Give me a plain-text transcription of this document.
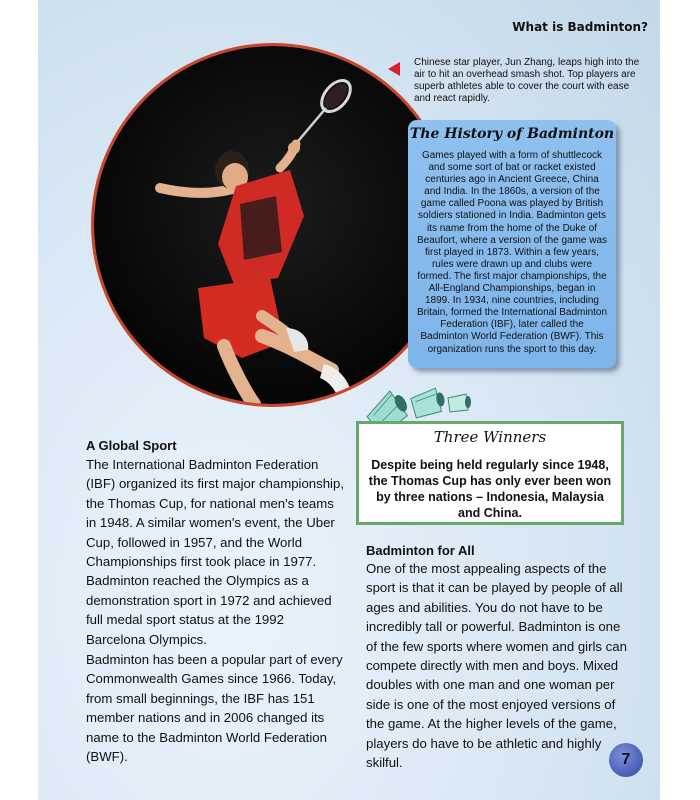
What is Badminton?
Chinese star player, Jun Zhang, leaps high into the air to hit an overhead smash shot. Top players are superb athletes able to cover the court with ease and react rapidly.
The History of Badminton
Games played with a form of shuttlecock and some sort of bat or racket existed centuries ago in Ancient Greece, China and India. In the 1860s, a version of the game called Poona was played by British soldiers stationed in India. Badminton gets its name from the home of the Duke of Beaufort, where a version of the game was first played in 1873. Within a few years, rules were drawn up and clubs were formed. The first major championships, the All-England Championships, began in 1899. In 1934, nine countries, including Britain, formed the International Badminton Federation (IBF), later called the Badminton World Federation (BWF). This organization runs the sport to this day.
Three Winners
Despite being held regularly since 1948, the Thomas Cup has only ever been won by three nations – Indonesia, Malaysia and China.
A Global Sport
The International Badminton Federation (IBF) organized its first major championship, the Thomas Cup, for national men's teams in 1948. A similar women's event, the Uber Cup, followed in 1957, and the World Championships first took place in 1977. Badminton reached the Olympics as a demonstration sport in 1972 and achieved full medal sport status at the 1992 Barcelona Olympics.
Badminton has been a popular part of every Commonwealth Games since 1966. Today, from small beginnings, the IBF has 151 member nations and in 2006 changed its name to the Badminton World Federation (BWF).
Badminton for All
One of the most appealing aspects of the sport is that it can be played by people of all ages and abilities. You do not have to be incredibly tall or powerful. Badminton is one of the few sports where women and girls can compete directly with men and boys. Mixed doubles with one man and one woman per side is one of the most enjoyed versions of the game. At the higher levels of the game, players do have to be athletic and highly skilful.	7
